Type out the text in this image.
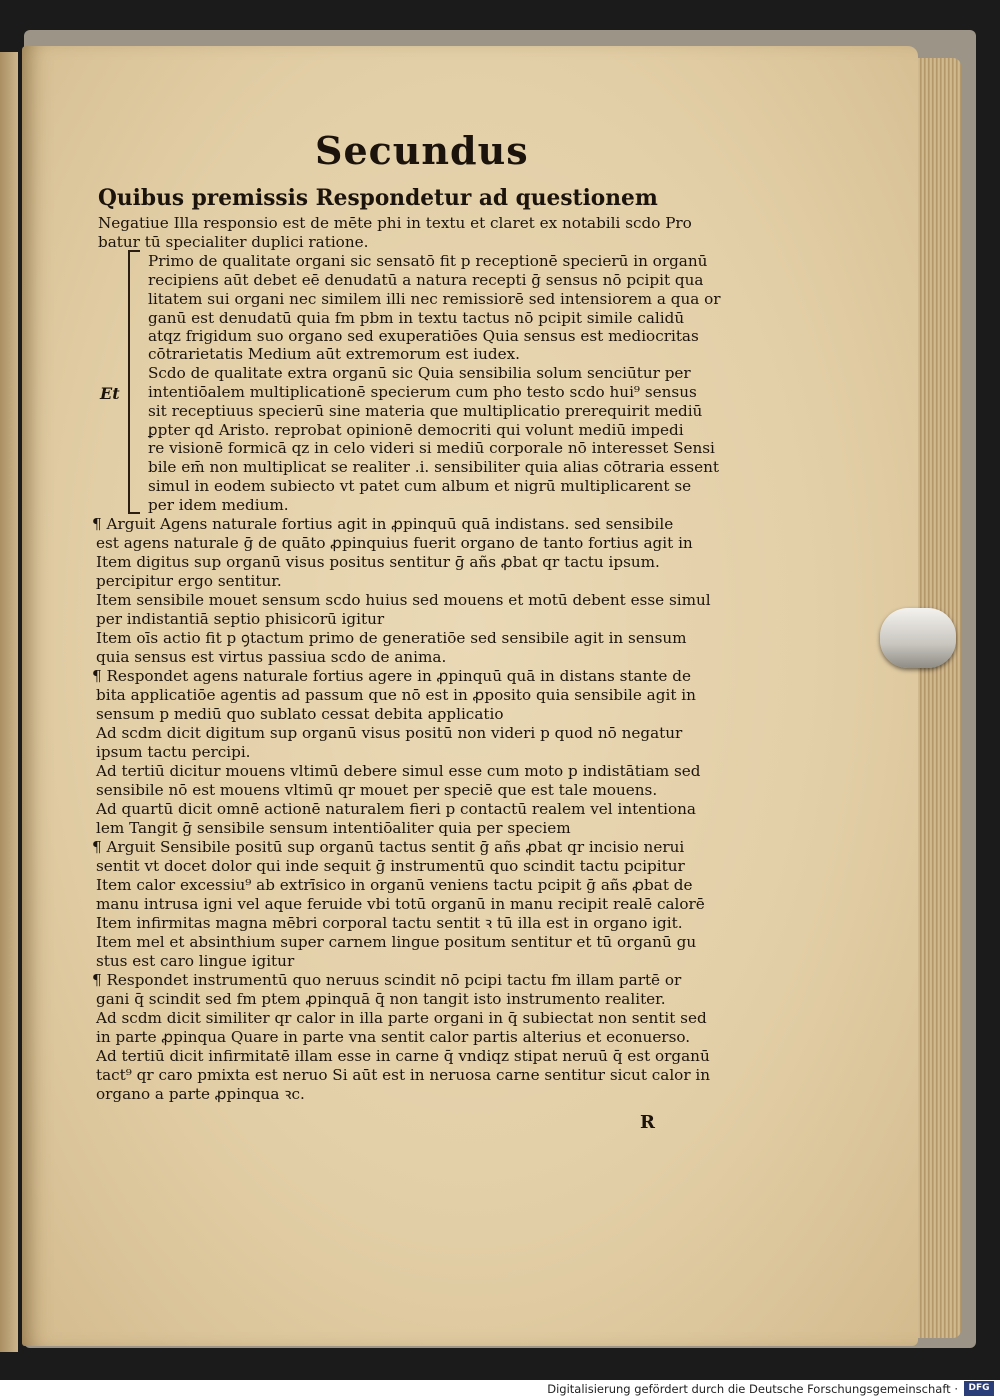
Secundus
Quibus premissis Respondetur ad questionem
Negatiue Illa responsio est de mēte phi in textu et claret ex notabili scdo Pro
batur tū specialiter duplici ratione.
Et
Primo de qualitate organi sic sensatō fit p receptionē specierū in organū
recipiens aūt debet eē denudatū a natura recepti ḡ sensus nō pcipit qua
litatem sui organi nec similem illi nec remissiorē sed intensiorem a qua or
ganū est denudatū quia fm pbm in textu tactus nō pcipit simile calidū
atqz frigidum suo organo sed exuperatiōes Quia sensus est mediocritas
cōtrarietatis Medium aūt extremorum est iudex.
Scdo de qualitate extra organū sic Quia sensibilia solum senciūtur per
intentiōalem multiplicationē specierum cum pho testo scdo hui⁹ sensus
sit receptiuus specierū sine materia que multiplicatio prerequirit mediū
ꝑpter qd Aristo. reprobat opinionē democriti qui volunt mediū impedi
re visionē formicā qz in celo videri si mediū corporale nō interesset Sensi
bile em̄ non multiplicat se realiter .i. sensibiliter quia alias cōtraria essent
simul in eodem subiecto vt patet cum album et nigrū multiplicarent se
per idem medium.
¶ Arguit Agens naturale fortius agit in ꝓpinquū quā indistans. sed sensibile
est agens naturale ḡ de quāto ꝓpinquius fuerit organo de tanto fortius agit in
Item digitus sup organū visus positus sentitur ḡ añs ꝓbat qr tactu ipsum.
percipitur ergo sentitur.
Item sensibile mouet sensum scdo huius sed mouens et motū debent esse simul
per indistantiā septio phisicorū igitur
Item oīs actio fit p ꝯtactum primo de generatiōe sed sensibile agit in sensum
quia sensus est virtus passiua scdo de anima.
¶ Respondet agens naturale fortius agere in ꝓpinquū quā in distans stante de
bita applicatiōe agentis ad passum que nō est in ꝓposito quia sensibile agit in
sensum p mediū quo sublato cessat debita applicatio
Ad scdm dicit digitum sup organū visus positū non videri p quod nō negatur
ipsum tactu percipi.
Ad tertiū dicitur mouens vltimū debere simul esse cum moto p indistātiam sed
sensibile nō est mouens vltimū qr mouet per speciē que est tale mouens.
Ad quartū dicit omnē actionē naturalem fieri p contactū realem vel intentiona
lem Tangit ḡ sensibile sensum intentiōaliter quia per speciem
¶ Arguit Sensibile positū sup organū tactus sentit ḡ añs ꝓbat qr incisio nerui
sentit vt docet dolor qui inde sequit ḡ instrumentū quo scindit tactu pcipitur
Item calor excessiu⁹ ab extrīsico in organū veniens tactu pcipit ḡ añs ꝓbat de
manu intrusa igni vel aque feruide vbi totū organū in manu recipit realē calorē
Item infirmitas magna mēbri corporal tactu sentit ꝛ tū illa est in organo igit.
Item mel et absinthium super carnem lingue positum sentitur et tū organū gu
stus est caro lingue igitur
¶ Respondet instrumentū quo neruus scindit nō pcipi tactu fm illam partē or
gani q̄ scindit sed fm ptem ꝓpinquā q̄ non tangit isto instrumento realiter.
Ad scdm dicit similiter qr calor in illa parte organi in q̄ subiectat non sentit sed
in parte ꝓpinqua Quare in parte vna sentit calor partis alterius et econuerso.
Ad tertiū dicit infirmitatē illam esse in carne q̄ vndiqz stipat neruū q̄ est organū
tact⁹ qr caro pmixta est neruo Si aūt est in neruosa carne sentitur sicut calor in
organo a parte ꝓpinqua ꝛc.
R
Digitalisierung gefördert durch die Deutsche Forschungsgemeinschaft ·	DFG
